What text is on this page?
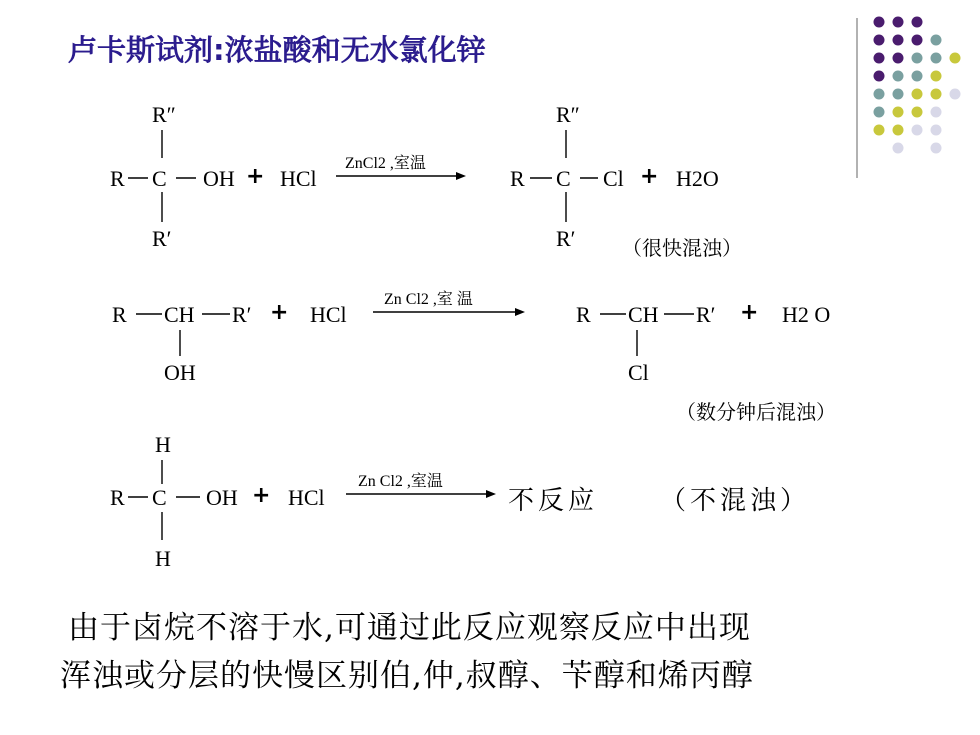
卢卡斯试剂:浓盐酸和无水氯化锌
R″
R C OH + HCl
ZnCl2 ,室温
R″
R C Cl + H2O
R′	R′ （很快混浊）
R CH R′ + HCl
Zn Cl2 ,室 温
R CH R′ + H2 O
OH	Cl
（数分钟后混浊）
H
R C OH + HCl
Zn Cl2 ,室温
不反应 （不混浊）
H
由于卤烷不溶于水,可通过此反应观察反应中出现
浑浊或分层的快慢区别伯,仲,叔醇、苄醇和烯丙醇
